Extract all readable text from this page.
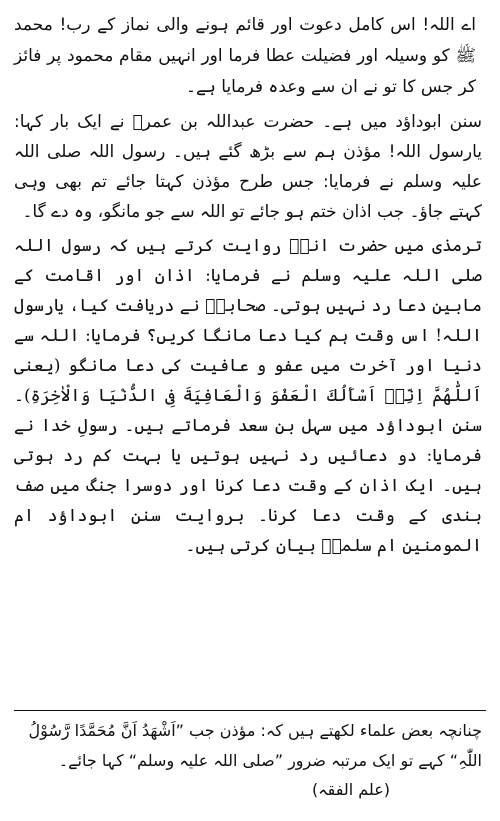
اے اللہ! اس کامل دعوت اور قائم ہونے والی نماز کے رب! محمد ﷺ کو وسیلہ اور فضیلت عطا فرما اور انہیں مقام محمود پر فائز کر جس کا تو نے ان سے وعدہ فرمایا ہے۔

سنن ابوداؤد میں ہے۔ حضرت عبداللہ بن عمرؓ نے ایک بار کہا: یارسول اللہ! مؤذن ہم سے بڑھ گئے ہیں۔ رسول اللہ صلی اللہ علیہ وسلم نے فرمایا: جس طرح مؤذن کہتا جائے تم بھی وہی کہتے جاؤ۔ جب اذان ختم ہو جائے تو اللہ سے جو مانگو، وہ دے گا۔

ترمذی میں حضرت انسؓ روایت کرتے ہیں کہ رسول اللہ صلی اللہ علیہ وسلم نے فرمایا: اذان اور اقامت کے مابین دعا رد نہیں ہوتی۔ صحابہؓ نے دریافت کیا، یارسول اللہ! اس وقت ہم کیا دعا مانگا کریں؟ فرمایا: اللہ سے دنیا اور آخرت میں عفو و عافیت کی دعا مانگو (یعنی اَللّٰھُمَّ اِنِّیۤ اَسْأَلُكَ الْعَفْوَ وَالْعَافِیَةَ فِی الدُّنْیَا وَالْاٰخِرَةِ)۔ سنن ابوداؤد میں سہل بن سعد فرماتے ہیں۔ رسولِ خدا نے فرمایا: دو دعائیں رد نہیں ہوتیں یا بہت کم رد ہوتی ہیں۔ ایک اذان کے وقت دعا کرنا اور دوسرا جنگ میں صف بندی کے وقت دعا کرنا۔ بروایت سنن ابوداؤد ام المومنین ام سلمہؓ بیان کرتی ہیں۔

چنانچہ بعض علماء لکھتے ہیں کہ: مؤذن جب ”اَشْھَدُ اَنَّ مُحَمَّدًا رَّسُوْلُ اللّٰہِ“ کہے تو ایک مرتبہ ضرور ”صلی اللہ علیہ وسلم“ کہا جائے۔

(علم الفقہ)
